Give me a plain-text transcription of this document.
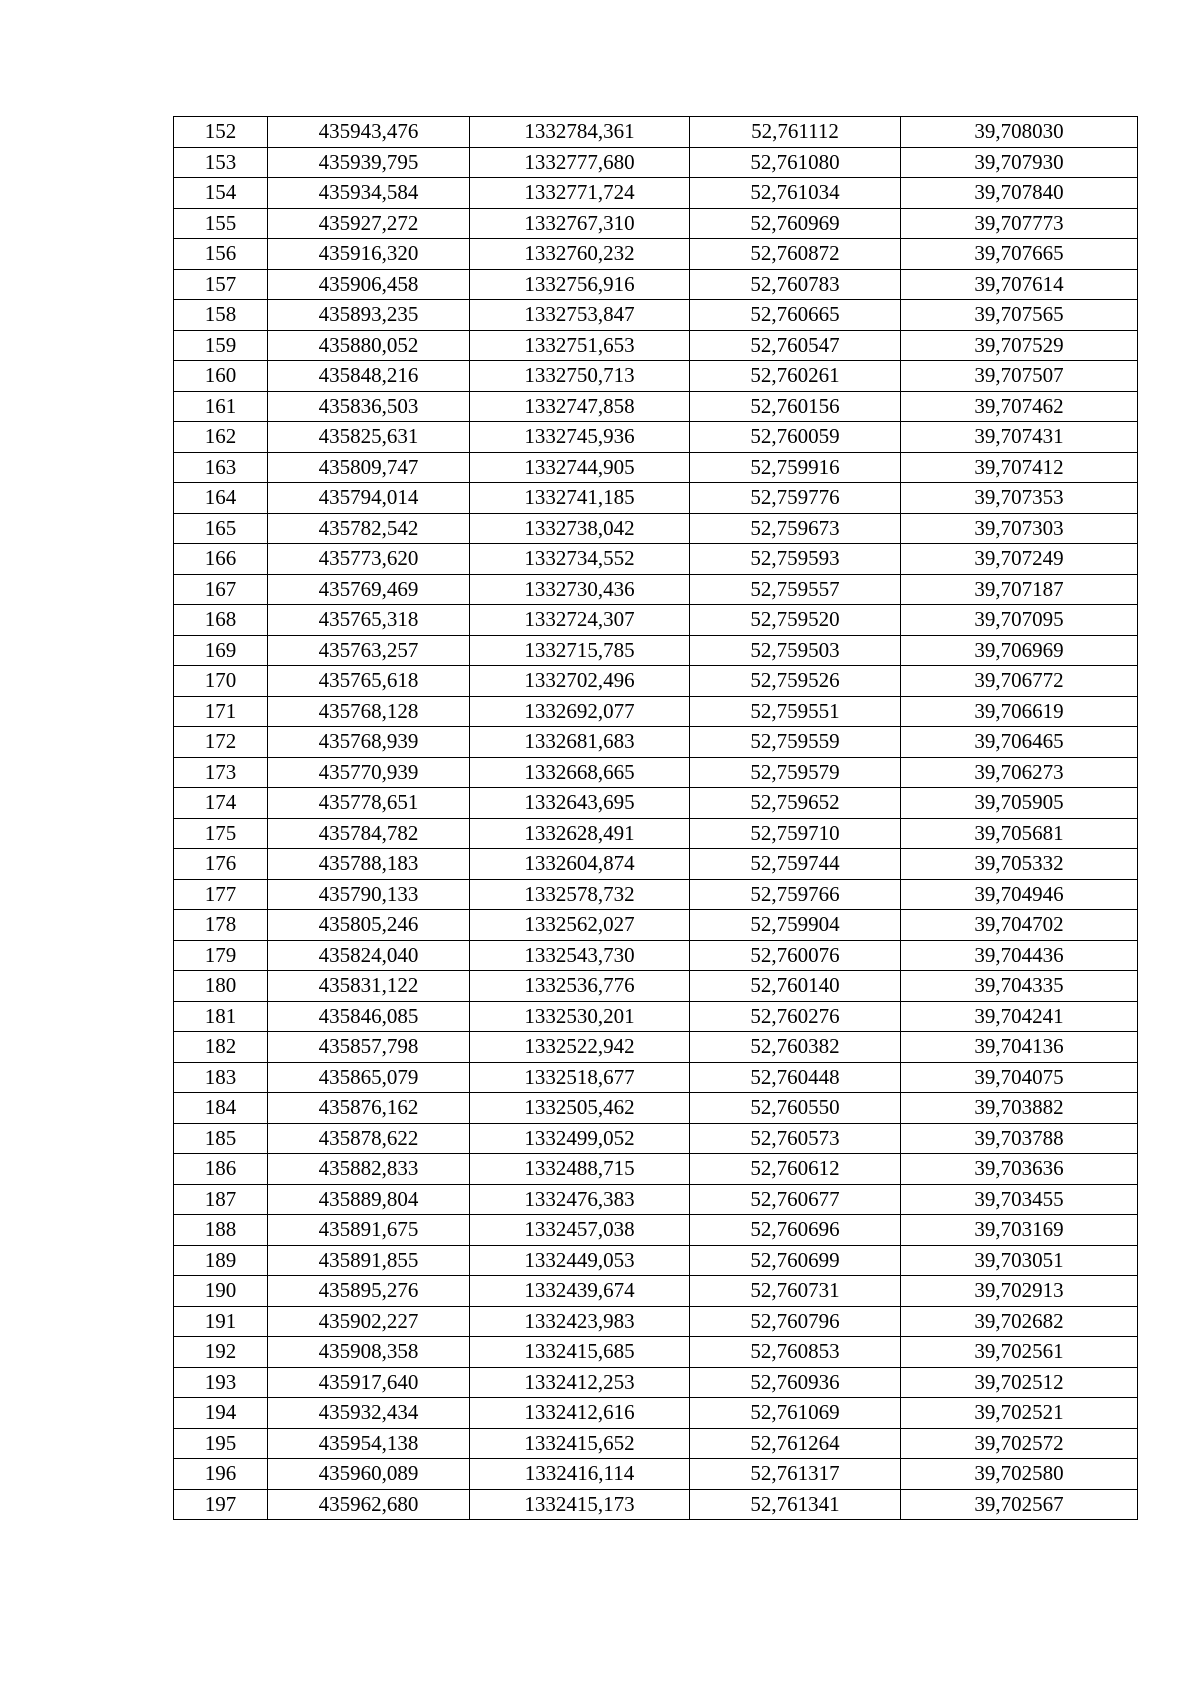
152	435943,476	1332784,361	52,761112	39,708030
153	435939,795	1332777,680	52,761080	39,707930
154	435934,584	1332771,724	52,761034	39,707840
155	435927,272	1332767,310	52,760969	39,707773
156	435916,320	1332760,232	52,760872	39,707665
157	435906,458	1332756,916	52,760783	39,707614
158	435893,235	1332753,847	52,760665	39,707565
159	435880,052	1332751,653	52,760547	39,707529
160	435848,216	1332750,713	52,760261	39,707507
161	435836,503	1332747,858	52,760156	39,707462
162	435825,631	1332745,936	52,760059	39,707431
163	435809,747	1332744,905	52,759916	39,707412
164	435794,014	1332741,185	52,759776	39,707353
165	435782,542	1332738,042	52,759673	39,707303
166	435773,620	1332734,552	52,759593	39,707249
167	435769,469	1332730,436	52,759557	39,707187
168	435765,318	1332724,307	52,759520	39,707095
169	435763,257	1332715,785	52,759503	39,706969
170	435765,618	1332702,496	52,759526	39,706772
171	435768,128	1332692,077	52,759551	39,706619
172	435768,939	1332681,683	52,759559	39,706465
173	435770,939	1332668,665	52,759579	39,706273
174	435778,651	1332643,695	52,759652	39,705905
175	435784,782	1332628,491	52,759710	39,705681
176	435788,183	1332604,874	52,759744	39,705332
177	435790,133	1332578,732	52,759766	39,704946
178	435805,246	1332562,027	52,759904	39,704702
179	435824,040	1332543,730	52,760076	39,704436
180	435831,122	1332536,776	52,760140	39,704335
181	435846,085	1332530,201	52,760276	39,704241
182	435857,798	1332522,942	52,760382	39,704136
183	435865,079	1332518,677	52,760448	39,704075
184	435876,162	1332505,462	52,760550	39,703882
185	435878,622	1332499,052	52,760573	39,703788
186	435882,833	1332488,715	52,760612	39,703636
187	435889,804	1332476,383	52,760677	39,703455
188	435891,675	1332457,038	52,760696	39,703169
189	435891,855	1332449,053	52,760699	39,703051
190	435895,276	1332439,674	52,760731	39,702913
191	435902,227	1332423,983	52,760796	39,702682
192	435908,358	1332415,685	52,760853	39,702561
193	435917,640	1332412,253	52,760936	39,702512
194	435932,434	1332412,616	52,761069	39,702521
195	435954,138	1332415,652	52,761264	39,702572
196	435960,089	1332416,114	52,761317	39,702580
197	435962,680	1332415,173	52,761341	39,702567
